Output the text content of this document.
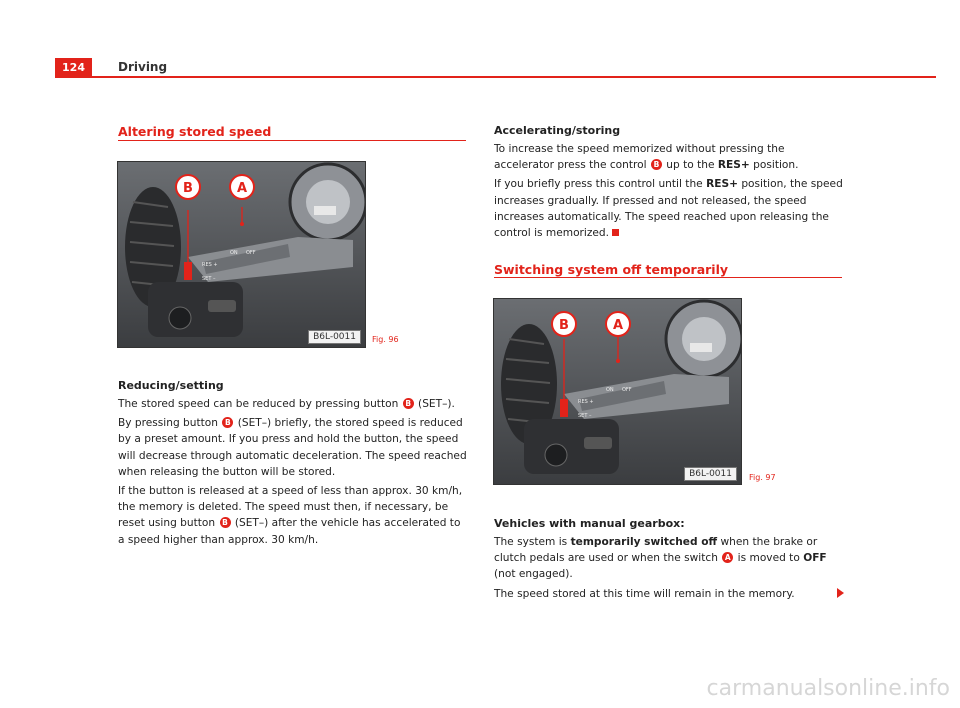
124	Driving
Altering stored speed
RES +
SET –
ON OFF
B	A
B6L-0011	Fig. 96
Reducing/setting

The stored speed can be reduced by pressing button B (SET–).

By pressing button B (SET–) briefly, the stored speed is reduced by a preset amount. If you press and hold the button, the speed will decrease through automatic deceleration. The speed reached when releasing the button will be stored.

If the button is released at a speed of less than approx. 30 km/h, the memory is deleted. The speed must then, if necessary, be reset using button B (SET–) after the vehicle has accelerated to a speed higher than approx. 30 km/h.

Accelerating/storing

To increase the speed memorized without pressing the accelerator press the control B up to the RES+ position.

If you briefly press this control until the RES+ position, the speed increases gradually. If pressed and not released, the speed increases automatically. The speed reached upon releasing the control is memorized.

Switching system off temporarily
RES +
SET –
ON OFF
B	A
B6L-0011	Fig. 97
Vehicles with manual gearbox:

The system is temporarily switched off when the brake or clutch pedals are used or when the switch A is moved to OFF (not engaged).

The speed stored at this time will remain in the memory.

carmanualsonline.info
